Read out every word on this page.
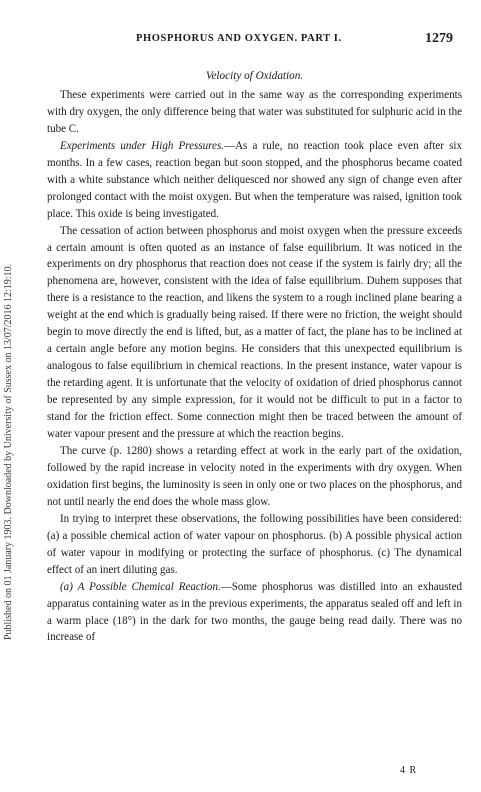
PHOSPHORUS AND OXYGEN. PART I.	1279
Published on 01 January 1903. Downloaded by University of Sussex on 13/07/2016 12:19:10.
Velocity of Oxidation.

These experiments were carried out in the same way as the corresponding experiments with dry oxygen, the only difference being that water was substituted for sulphuric acid in the tube C.

Experiments under High Pressures.—As a rule, no reaction took place even after six months. In a few cases, reaction began but soon stopped, and the phosphorus became coated with a white substance which neither deliquesced nor showed any sign of change even after prolonged contact with the moist oxygen. But when the temperature was raised, ignition took place. This oxide is being investigated.

The cessation of action between phosphorus and moist oxygen when the pressure exceeds a certain amount is often quoted as an instance of false equilibrium. It was noticed in the experiments on dry phosphorus that reaction does not cease if the system is fairly dry; all the phenomena are, however, consistent with the idea of false equilibrium. Duhem supposes that there is a resistance to the reaction, and likens the system to a rough inclined plane bearing a weight at the end which is gradually being raised. If there were no friction, the weight should begin to move directly the end is lifted, but, as a matter of fact, the plane has to be inclined at a certain angle before any motion begins. He considers that this unexpected equilibrium is analogous to false equilibrium in chemical reactions. In the present instance, water vapour is the retarding agent. It is unfortunate that the velocity of oxidation of dried phosphorus cannot be represented by any simple expression, for it would not be difficult to put in a factor to stand for the friction effect. Some connection might then be traced between the amount of water vapour present and the pressure at which the reaction begins.

The curve (p. 1280) shows a retarding effect at work in the early part of the oxidation, followed by the rapid increase in velocity noted in the experiments with dry oxygen. When oxidation first begins, the luminosity is seen in only one or two places on the phosphorus, and not until nearly the end does the whole mass glow.

In trying to interpret these observations, the following possibilities have been considered: (a) a possible chemical action of water vapour on phosphorus. (b) A possible physical action of water vapour in modifying or protecting the surface of phosphorus. (c) The dynamical effect of an inert diluting gas.

(a) A Possible Chemical Reaction.—Some phosphorus was distilled into an exhausted apparatus containing water as in the previous experiments, the apparatus sealed off and left in a warm place (18°) in the dark for two months, the gauge being read daily. There was no increase of

4 R
